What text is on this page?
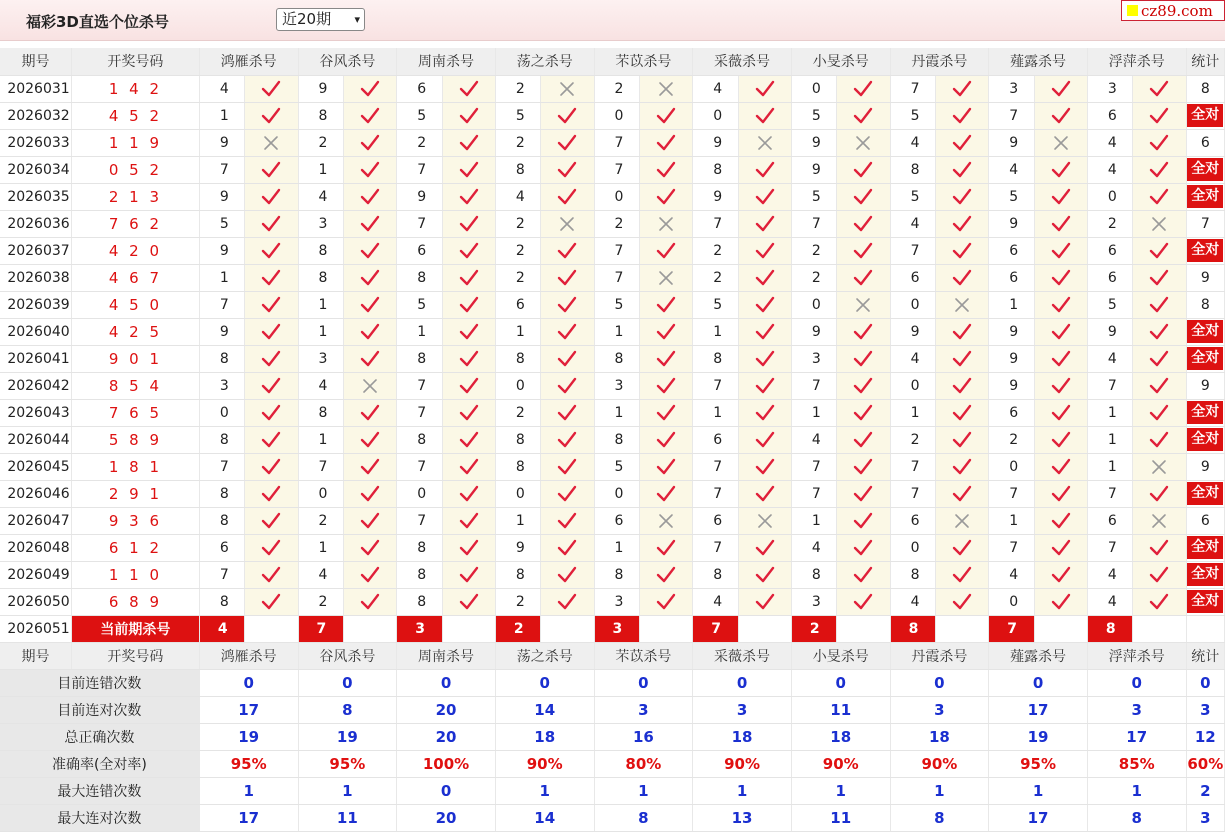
福彩3D直选个位杀号	近20期 ▾	cz89.com
期号	开奖号码	鸿雁杀号		谷风杀号		周南杀号		荡之杀号		芣苡杀号		采薇杀号		小旻杀号		丹霞杀号		薤露杀号		浮萍杀号		统计
2026031	1 4 2	4		9		6		2		2		4		0		7		3		3		8
2026032	4 5 2	1		8		5		5		0		0		5		5		7		6		全对
2026033	1 1 9	9		2		2		2		7		9		9		4		9		4		6
2026034	0 5 2	7		1		7		8		7		8		9		8		4		4		全对
2026035	2 1 3	9		4		9		4		0		9		5		5		5		0		全对
2026036	7 6 2	5		3		7		2		2		7		7		4		9		2		7
2026037	4 2 0	9		8		6		2		7		2		2		7		6		6		全对
2026038	4 6 7	1		8		8		2		7		2		2		6		6		6		9
2026039	4 5 0	7		1		5		6		5		5		0		0		1		5		8
2026040	4 2 5	9		1		1		1		1		1		9		9		9		9		全对
2026041	9 0 1	8		3		8		8		8		8		3		4		9		4		全对
2026042	8 5 4	3		4		7		0		3		7		7		0		9		7		9
2026043	7 6 5	0		8		7		2		1		1		1		1		6		1		全对
2026044	5 8 9	8		1		8		8		8		6		4		2		2		1		全对
2026045	1 8 1	7		7		7		8		5		7		7		7		0		1		9
2026046	2 9 1	8		0		0		0		0		7		7		7		7		7		全对
2026047	9 3 6	8		2		7		1		6		6		1		6		1		6		6
2026048	6 1 2	6		1		8		9		1		7		4		0		7		7		全对
2026049	1 1 0	7		4		8		8		8		8		8		8		4		4		全对
2026050	6 8 9	8		2		8		2		3		4		3		4		0		4		全对
2026051	当前期杀号	4		7		3		2		3		7		2		8		7		8		
期号	开奖号码	鸿雁杀号		谷风杀号		周南杀号		荡之杀号		芣苡杀号		采薇杀号		小旻杀号		丹霞杀号		薤露杀号		浮萍杀号		统计
目前连错次数		0		0		0		0		0		0		0		0		0		0		0
目前连对次数		17		8		20		14		3		3		11		3		17		3		3
总正确次数		19		19		20		18		16		18		18		18		19		17		12
准确率(全对率)		95%		95%		100%		90%		80%		90%		90%		90%		95%		85%		60%
最大连错次数		1		1		0		1		1		1		1		1		1		1		2
最大连对次数		17		11		20		14		8		13		11		8		17		8		3
